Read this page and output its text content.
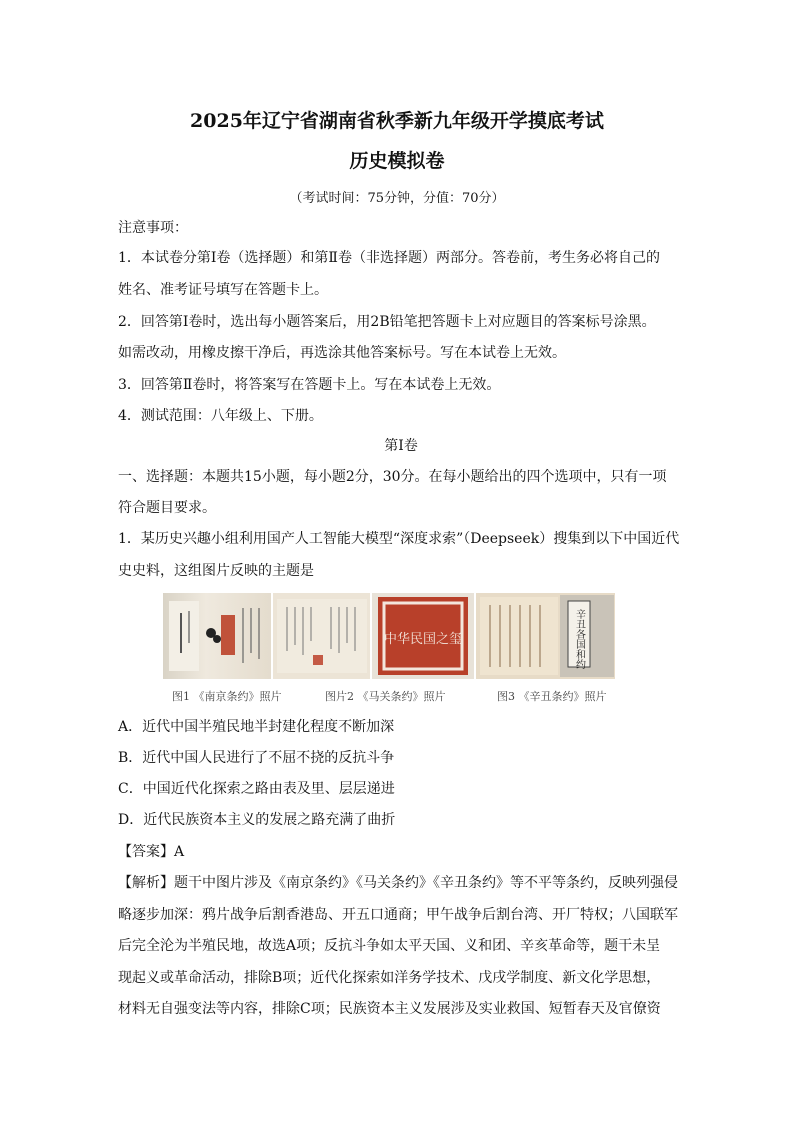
2025年辽宁省湖南省秋季新九年级开学摸底考试
历史模拟卷
（考试时间：75分钟，分值：70分）
注意事项：
1．本试卷分第Ⅰ卷（选择题）和第Ⅱ卷（非选择题）两部分。答卷前，考生务必将自己的
姓名、准考证号填写在答题卡上。
2．回答第Ⅰ卷时，选出每小题答案后，用2B铅笔把答题卡上对应题目的答案标号涂黑。
如需改动，用橡皮擦干净后，再选涂其他答案标号。写在本试卷上无效。
3．回答第Ⅱ卷时，将答案写在答题卡上。写在本试卷上无效。
4．测试范围：八年级上、下册。
第Ⅰ卷
一、选择题：本题共15小题，每小题2分，30分。在每小题给出的四个选项中，只有一项
符合题目要求。
1．某历史兴趣小组利用国产人工智能大模型“深度求索”（Deepseek）搜集到以下中国近代
史史料，这组图片反映的主题是
中华民国之玺	辛丑各国和约
图1 《南京条约》照片	图片2 《马关条约》照片	图3 《辛丑条约》照片
A．近代中国半殖民地半封建化程度不断加深
B．近代中国人民进行了不屈不挠的反抗斗争
C．中国近代化探索之路由表及里、层层递进
D．近代民族资本主义的发展之路充满了曲折
【答案】A
【解析】题干中图片涉及《南京条约》《马关条约》《辛丑条约》等不平等条约，反映列强侵
略逐步加深：鸦片战争后割香港岛、开五口通商；甲午战争后割台湾、开厂特权；八国联军
后完全沦为半殖民地，故选A项；反抗斗争如太平天国、义和团、辛亥革命等，题干未呈
现起义或革命活动，排除B项；近代化探索如洋务学技术、戊戌学制度、新文化学思想，
材料无自强变法等内容，排除C项；民族资本主义发展涉及实业救国、短暂春天及官僚资
